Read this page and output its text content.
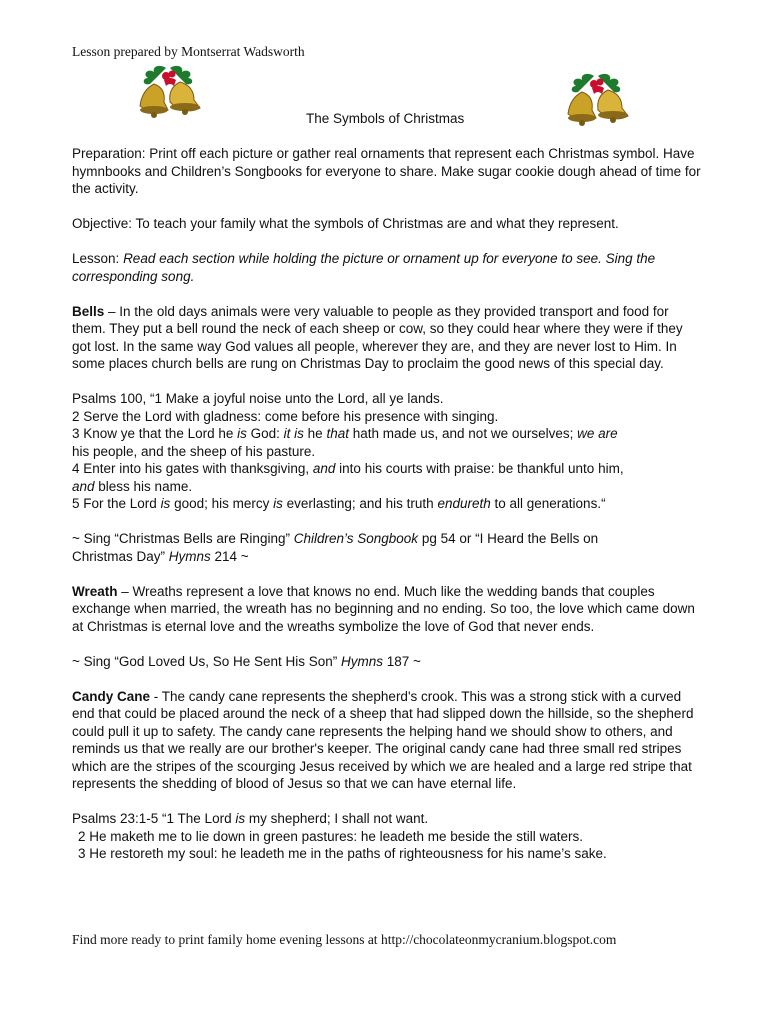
Lesson prepared by Montserrat Wadsworth
The Symbols of Christmas

Preparation: Print off each picture or gather real ornaments that represent each Christmas symbol. Have hymnbooks and Children’s Songbooks for everyone to share. Make sugar cookie dough ahead of time for the activity.

Objective: To teach your family what the symbols of Christmas are and what they represent.

Lesson: Read each section while holding the picture or ornament up for everyone to see. Sing the corresponding song.

Bells – In the old days animals were very valuable to people as they provided transport and food for them. They put a bell round the neck of each sheep or cow, so they could hear where they were if they got lost. In the same way God values all people, wherever they are, and they are never lost to Him. In some places church bells are rung on Christmas Day to proclaim the good news of this special day.

Psalms 100, “1 Make a joyful noise unto the Lord, all ye lands.
2 Serve the Lord with gladness: come before his presence with singing.
3 Know ye that the Lord he is God: it is he that hath made us, and not we ourselves; we are
his people, and the sheep of his pasture.
4 Enter into his gates with thanksgiving, and into his courts with praise: be thankful unto him,
and bless his name.
5 For the Lord is good; his mercy is everlasting; and his truth endureth to all generations.“

~ Sing “Christmas Bells are Ringing” Children’s Songbook pg 54 or “I Heard the Bells on
Christmas Day” Hymns 214 ~

Wreath – Wreaths represent a love that knows no end. Much like the wedding bands that couples exchange when married, the wreath has no beginning and no ending. So too, the love which came down at Christmas is eternal love and the wreaths symbolize the love of God that never ends.

~ Sing “God Loved Us, So He Sent His Son” Hymns 187 ~

Candy Cane - The candy cane represents the shepherd's crook. This was a strong stick with a curved end that could be placed around the neck of a sheep that had slipped down the hillside, so the shepherd could pull it up to safety. The candy cane represents the helping hand we should show to others, and reminds us that we really are our brother's keeper. The original candy cane had three small red stripes which are the stripes of the scourging Jesus received by which we are healed and a large red stripe that represents the shedding of blood of Jesus so that we can have eternal life.

Psalms 23:1-5 “1 The Lord is my shepherd; I shall not want.
2 He maketh me to lie down in green pastures: he leadeth me beside the still waters.
3 He restoreth my soul: he leadeth me in the paths of righteousness for his name’s sake.

Find more ready to print family home evening lessons at http://chocolateonmycranium.blogspot.com
